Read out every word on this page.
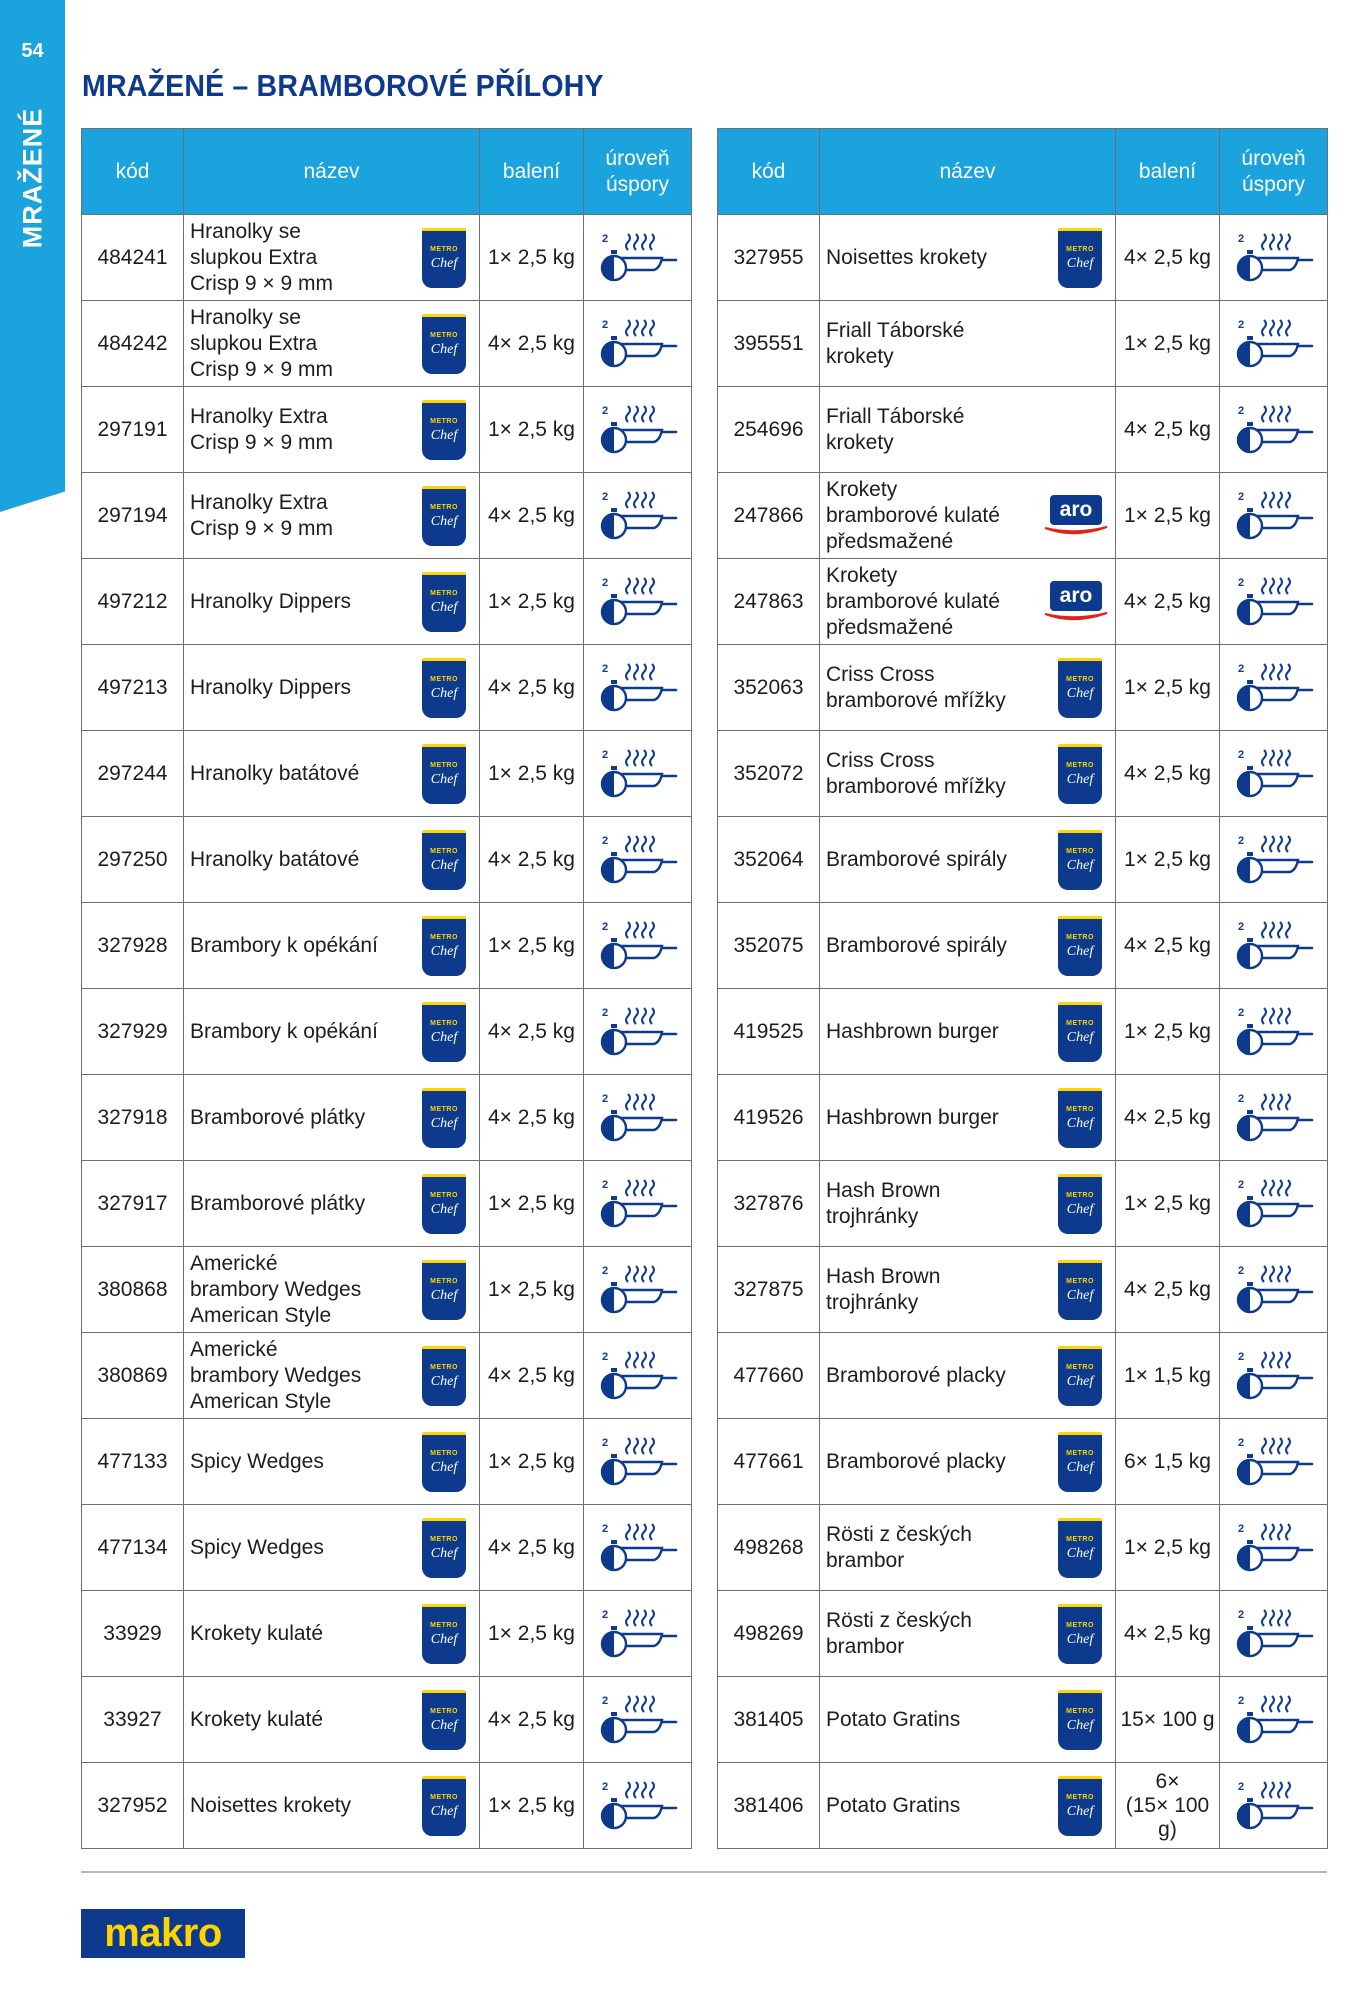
54
MRAŽENÉ
MRAŽENÉ – BRAMBOROVÉ PŘÍLOHY
kód	název	balení	úroveň
úspory
484241	Hranolky se
slupkou Extra
Crisp 9 × 9 mm
METRO
Chef	1× 2,5 kg	2

484242	Hranolky se
slupkou Extra
Crisp 9 × 9 mm
METRO
Chef	4× 2,5 kg	2

297191	Hranolky Extra
Crisp 9 × 9 mm
METRO
Chef	1× 2,5 kg	2

297194	Hranolky Extra
Crisp 9 × 9 mm
METRO
Chef	4× 2,5 kg	2

497212	Hranolky Dippers METRO
Chef	1× 2,5 kg	2

497213	Hranolky Dippers METRO
Chef	4× 2,5 kg	2

297244	Hranolky batátové METRO
Chef	1× 2,5 kg	2

297250	Hranolky batátové METRO
Chef	4× 2,5 kg	2

327928	Brambory k opékání METRO
Chef	1× 2,5 kg	2

327929	Brambory k opékání METRO
Chef	4× 2,5 kg	2

327918	Bramborové plátky METRO
Chef	4× 2,5 kg	2

327917	Bramborové plátky METRO
Chef	1× 2,5 kg	2

380868	Americké
brambory Wedges
American Style
METRO
Chef	1× 2,5 kg	2

380869	Americké
brambory Wedges
American Style
METRO
Chef	4× 2,5 kg	2

477133	Spicy Wedges METRO
Chef	1× 2,5 kg	2

477134	Spicy Wedges METRO
Chef	4× 2,5 kg	2

33929	Krokety kulaté METRO
Chef	1× 2,5 kg	2

33927	Krokety kulaté METRO
Chef	4× 2,5 kg	2

327952	Noisettes krokety METRO
Chef	1× 2,5 kg	2
kód	název	balení	úroveň
úspory
327955	Noisettes krokety METRO
Chef	4× 2,5 kg	2

395551	Friall Táborské
krokety	1× 2,5 kg	2

254696	Friall Táborské
krokety	4× 2,5 kg	2

247866	Krokety
bramborové kulaté
předsmažené
aro	1× 2,5 kg	2

247863	Krokety
bramborové kulaté
předsmažené
aro	4× 2,5 kg	2

352063	Criss Cross
bramborové mřížky
METRO
Chef	1× 2,5 kg	2

352072	Criss Cross
bramborové mřížky
METRO
Chef	4× 2,5 kg	2

352064	Bramborové spirály METRO
Chef	1× 2,5 kg	2

352075	Bramborové spirály METRO
Chef	4× 2,5 kg	2

419525	Hashbrown burger METRO
Chef	1× 2,5 kg	2

419526	Hashbrown burger METRO
Chef	4× 2,5 kg	2

327876	Hash Brown
trojhránky
METRO
Chef	1× 2,5 kg	2

327875	Hash Brown
trojhránky
METRO
Chef	4× 2,5 kg	2

477660	Bramborové placky METRO
Chef	1× 1,5 kg	2

477661	Bramborové placky METRO
Chef	6× 1,5 kg	2

498268	Rösti z českých
brambor
METRO
Chef	1× 2,5 kg	2

498269	Rösti z českých
brambor
METRO
Chef	4× 2,5 kg	2

381405	Potato Gratins METRO
Chef	15× 100 g	2

381406	Potato Gratins METRO
Chef	6×
(15× 100 g)	2
makro
